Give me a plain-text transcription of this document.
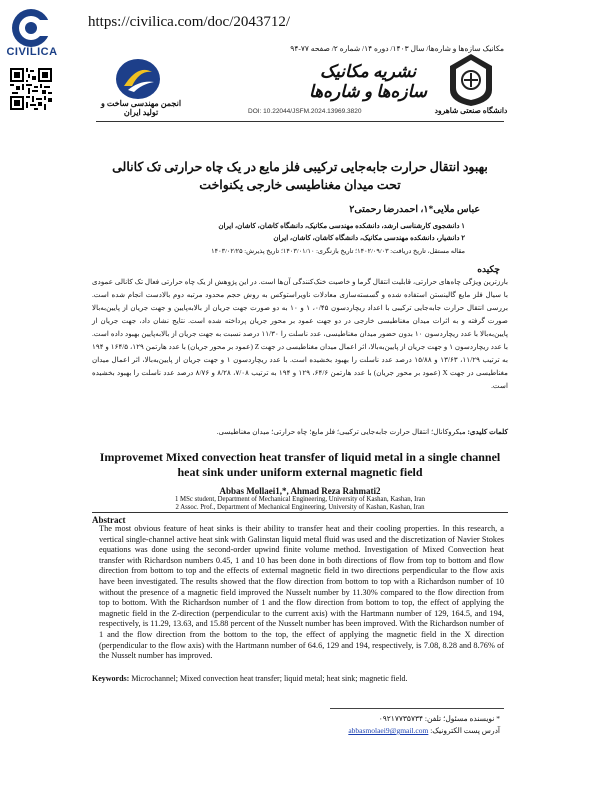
CIVILICA
https://civilica.com/doc/2043712/
مکانیک سازه‌ها و شاره‌ها/ سال ۱۴۰۳/ دوره ۱۴/ شماره ۲/ صفحه ۷۷-۹۴
انجمن مهندسی ساخت و تولید ایران
نشریه مکانیک سازه‌ها و شاره‌ها
دانشگاه صنعتی شاهرود
DOI: 10.22044/JSFM.2024.13969.3820
بهبود انتقال حرارت جابه‌جایی ترکیبی فلز مایع در یک چاه حرارتی تک کانالی تحت میدان مغناطیسی خارجی یکنواخت
عباس ملایی*۱، احمدرضا رحمتی۲
۱ دانشجوی کارشناسی ارشد، دانشکده مهندسی مکانیک، دانشگاه کاشان، کاشان، ایران
۲ دانشیار، دانشکده مهندسی مکانیک، دانشگاه کاشان، کاشان، ایران
مقاله مستقل، تاریخ دریافت: ۱۴۰۲/۰۹/۰۳؛ تاریخ بازنگری: ۱۴۰۳/۰۱/۱۰؛ تاریخ پذیرش: ۱۴۰۳/۰۲/۲۵
چکیده
بارزترین ویژگی چاه‌های حرارتی، قابلیت انتقال گرما و خاصیت خنک‌کنندگی آن‌ها است. در این پژوهش از یک چاه حرارتی فعال تک کانالی عمودی با سیال فلز مایع گالینستن استفاده شده و گسسته‌سازی معادلات ناویراستوکس به روش حجم محدود مرتبه دوم بالادست انجام شده است. بررسی انتقال حرارت جابه‌جایی ترکیبی با اعداد ریچاردسون ۰/۴۵، ۱ و ۱۰ به دو صورت جهت جریان از بالا‌به‌پایین و جهت جریان از پایین‌به‌بالا صورت گرفته و به اثرات میدان مغناطیسی خارجی در دو جهت عمود بر محور جریان پرداخته شده است. نتایج نشان داد، جهت جریان از پایین‌به‌بالا با عدد ریچاردسون ۱۰ بدون حضور میدان مغناطیسی، عدد ناسلت را ۱۱/۳۰ درصد نسبت به جهت جریان از بالا‌به‌پایین بهبود داده است. با عدد ریچاردسون ۱ و جهت جریان از پایین‌به‌بالا، اثر اعمال میدان مغناطیسی در جهت Z (عمود بر محور جریان) با عدد هارتمن ۱۲۹، ۱۶۴/۵ و ۱۹۴ به ترتیب ۱۱/۲۹، ۱۳/۶۳ و ۱۵/۸۸ درصد عدد ناسلت را بهبود بخشیده است. با عدد ریچاردسون ۱ و جهت جریان از پایین‌به‌بالا، اثر اعمال میدان مغناطیسی در جهت X (عمود بر محور جریان) با عدد هارتمن ۶۴/۶، ۱۲۹ و ۱۹۴ به ترتیب ۷/۰۸، ۸/۲۸ و ۸/۷۶ درصد عدد ناسلت را بهبود بخشیده است.
کلمات کلیدی: میکروکانال؛ انتقال حرارت جابه‌جایی ترکیبی؛ فلز مایع؛ چاه حرارتی؛ میدان مغناطیسی.
Improvemet Mixed convection heat transfer of liquid metal in a single channel heat sink under uniform external magnetic field
Abbas Mollaei1,*, Ahmad Reza Rahmati2
1 MSc student, Department of Mechanical Engineering, University of Kashan, Kashan, Iran
2 Assoc. Prof., Department of Mechanical Engineering, University of Kashan, Kashan, Iran
Abstract
The most obvious feature of heat sinks is their ability to transfer heat and their cooling properties. In this research, a vertical single-channel active heat sink with Galinstan liquid metal fluid was used and the discretization of Navier Stokes equations was done using the second-order upwind finite volume method. Investigation of Mixed Convection heat transfer with Richardson numbers 0.45, 1 and 10 has been done in both directions of flow from top to bottom and flow direction from bottom to top and the effects of external magnetic field in two directions perpendicular to the flow axis have been investigated. The results showed that the flow direction from bottom to top with a Richardson number of 10 without the presence of a magnetic field improved the Nusselt number by 11.30% compared to the flow direction from top to bottom. With the Richardson number of 1 and the flow direction from bottom to top, the effect of applying the magnetic field in the Z-direction (perpendicular to the current axis) with the Hartmann number of 129, 164.5, and 194, respectively, is 11.29, 13.63, and 15.88 percent of the Nusselt number has been improved. With the Richardson number of 1 and the flow direction from the bottom to the top, the effect of applying the magnetic field in the X direction (perpendicular to the flow axis) with the Hartmann number of 64.6, 129 and 194, respectively, is 7.08, 8.28 and 8.76% of the Nusselt number has improved.
Keywords: Microchannel; Mixed convection heat transfer; liquid metal; heat sink; magnetic field.
* نویسنده مسئول؛ تلفن: ۰۹۲۱۷۷۳۵۷۳۴
آدرس پست الکترونیک: abbasmolaei9@gmail.com
